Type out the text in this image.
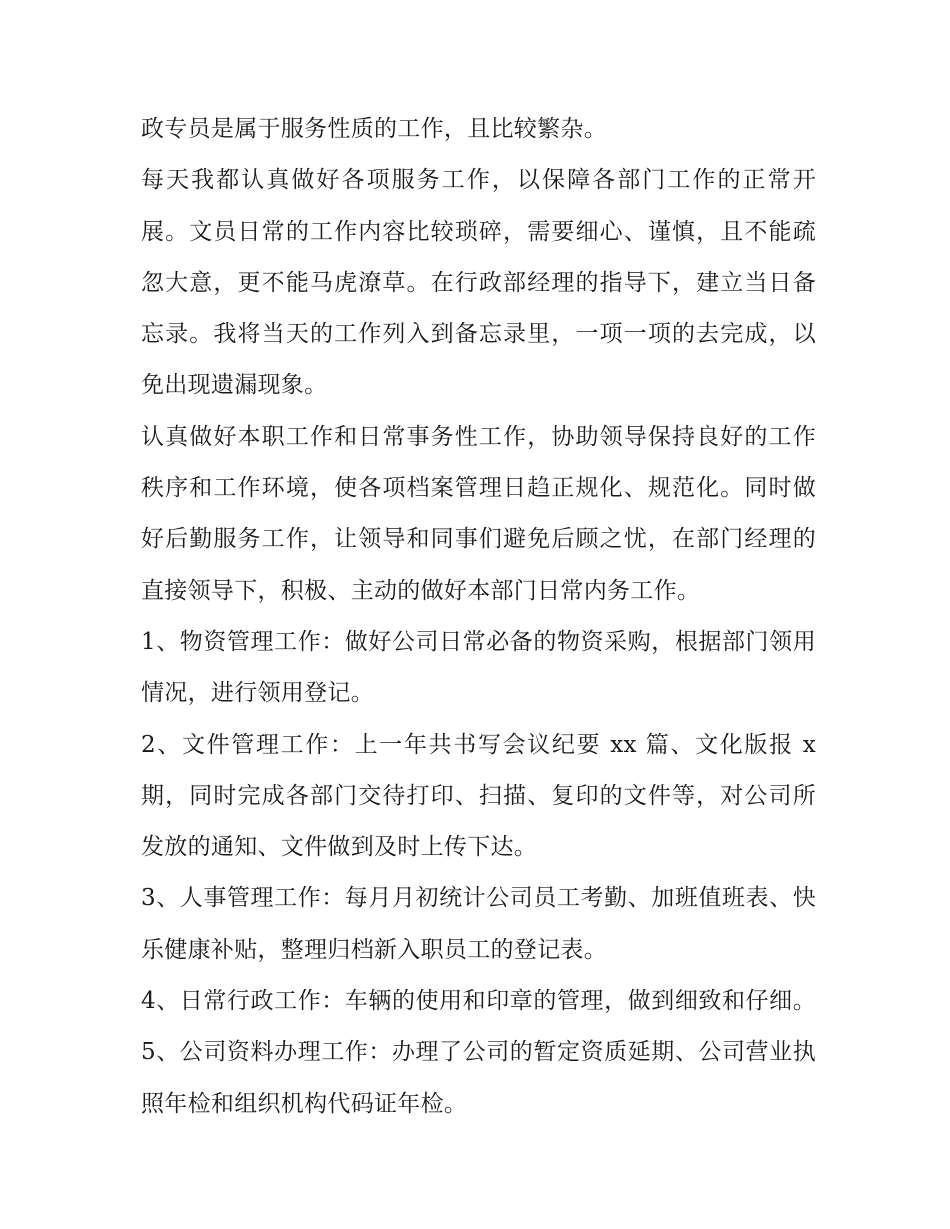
政专员是属于服务性质的工作，且比较繁杂。

每天我都认真做好各项服务工作，以保障各部门工作的正常开展。文员日常的工作内容比较琐碎，需要细心、谨慎，且不能疏忽大意，更不能马虎潦草。在行政部经理的指导下，建立当日备忘录。我将当天的工作列入到备忘录里，一项一项的去完成，以免出现遗漏现象。

认真做好本职工作和日常事务性工作，协助领导保持良好的工作秩序和工作环境，使各项档案管理日趋正规化、规范化。同时做好后勤服务工作，让领导和同事们避免后顾之忧，在部门经理的直接领导下，积极、主动的做好本部门日常内务工作。

1、物资管理工作：做好公司日常必备的物资采购，根据部门领用情况，进行领用登记。

2、文件管理工作：上一年共书写会议纪要 xx 篇、文化版报 x 期，同时完成各部门交待打印、扫描、复印的文件等，对公司所发放的通知、文件做到及时上传下达。

3、人事管理工作：每月月初统计公司员工考勤、加班值班表、快乐健康补贴，整理归档新入职员工的登记表。

4、日常行政工作：车辆的使用和印章的管理，做到细致和仔细。 5、公司资料办理工作：办理了公司的暂定资质延期、公司营业执照年检和组织机构代码证年检。
